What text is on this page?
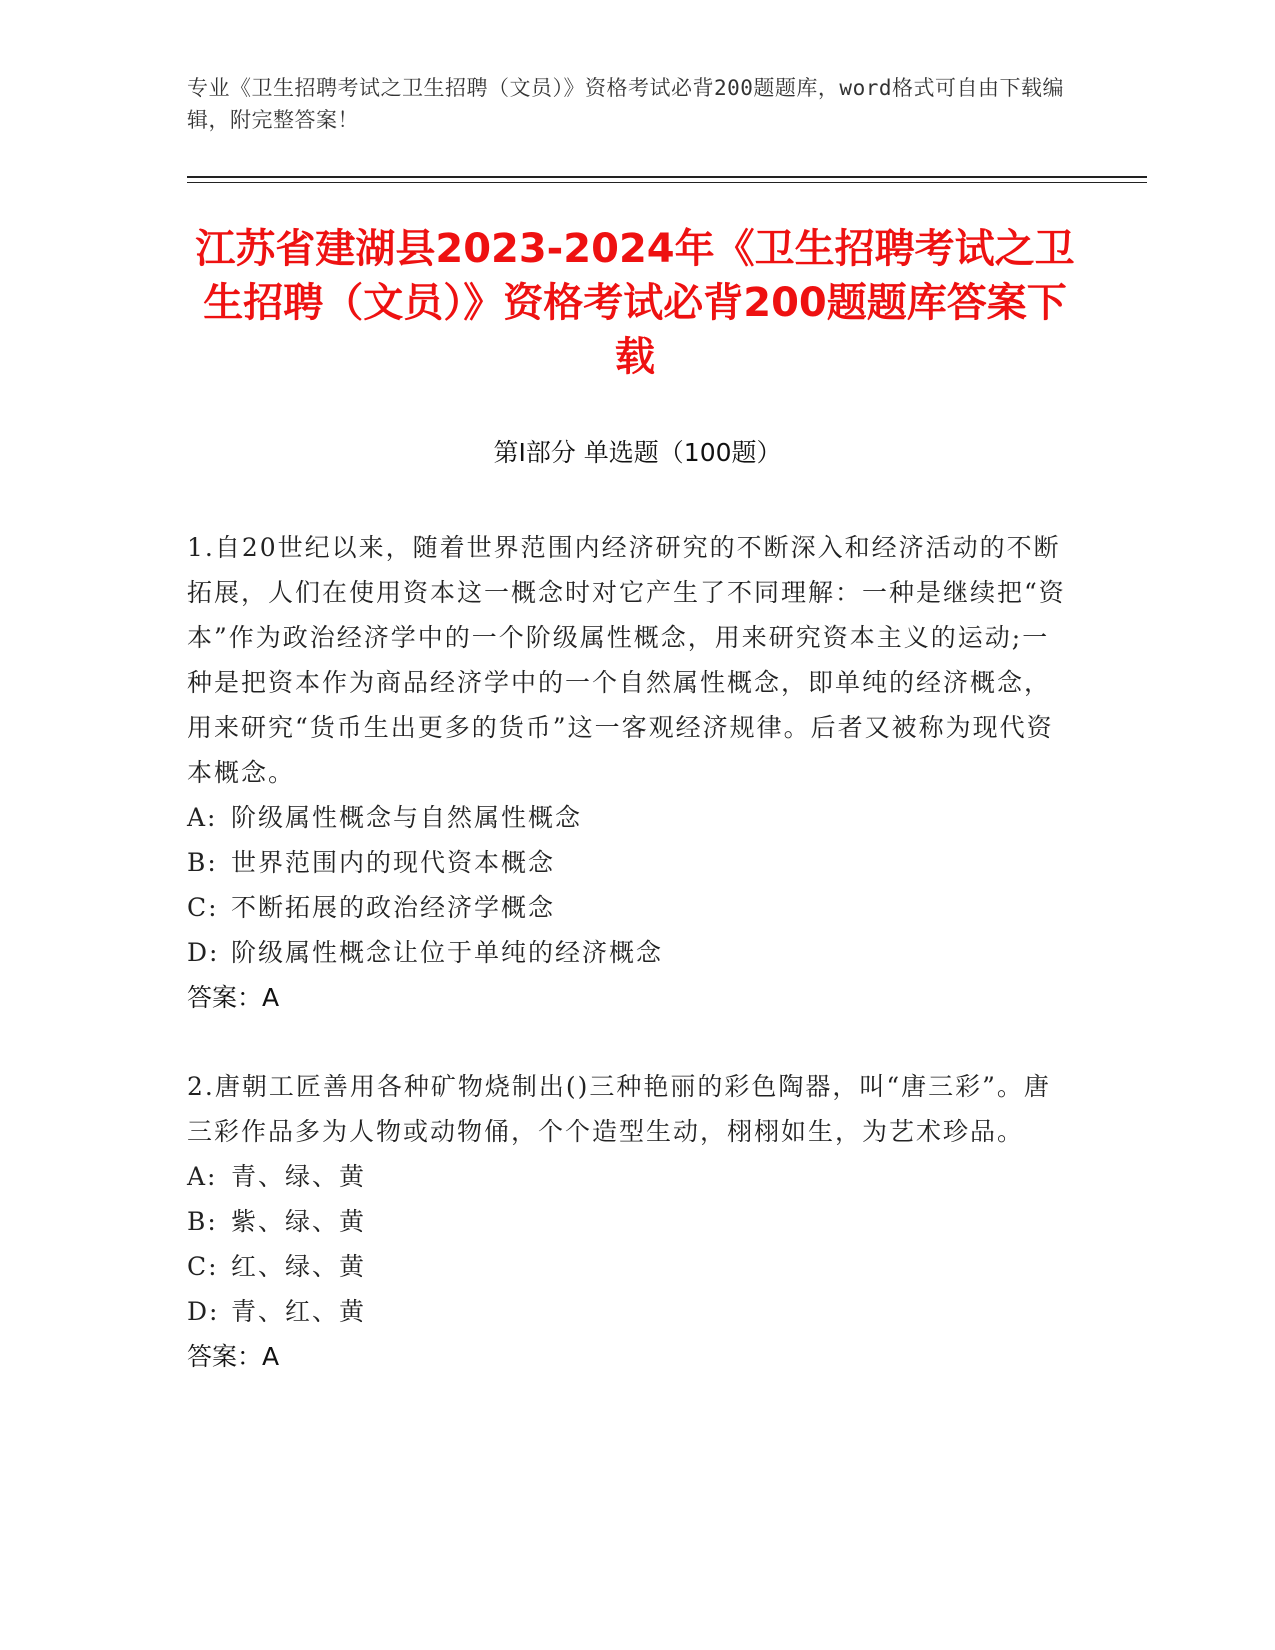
专业《卫生招聘考试之卫生招聘（文员）》资格考试必背200题题库，word格式可自由下载编辑，附完整答案！
江苏省建湖县2023-2024年《卫生招聘考试之卫生招聘（文员）》资格考试必背200题题库答案下载
第Ⅰ部分 单选题（100题）
1.自20世纪以来，随着世界范围内经济研究的不断深入和经济活动的不断拓展，人们在使用资本这一概念时对它产生了不同理解：一种是继续把“资本”作为政治经济学中的一个阶级属性概念，用来研究资本主义的运动;一种是把资本作为商品经济学中的一个自然属性概念，即单纯的经济概念，用来研究“货币生出更多的货币”这一客观经济规律。后者又被称为现代资本概念。
A: 阶级属性概念与自然属性概念
B: 世界范围内的现代资本概念
C: 不断拓展的政治经济学概念
D: 阶级属性概念让位于单纯的经济概念
答案：A
2.唐朝工匠善用各种矿物烧制出()三种艳丽的彩色陶器，叫“唐三彩”。唐三彩作品多为人物或动物俑，个个造型生动，栩栩如生，为艺术珍品。
A: 青、绿、黄
B: 紫、绿、黄
C: 红、绿、黄
D: 青、红、黄
答案：A
